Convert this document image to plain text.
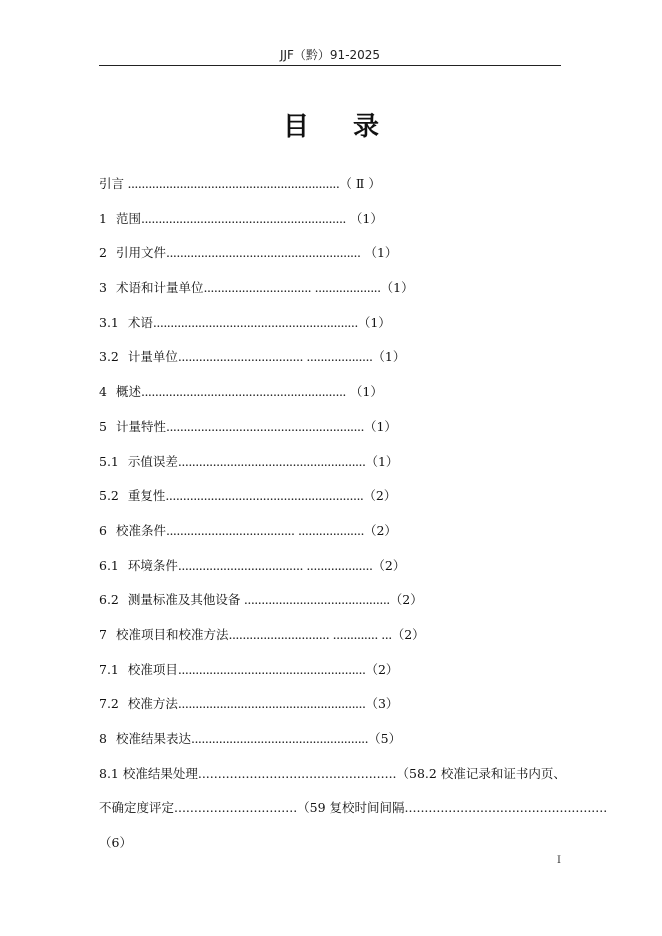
JJF（黔）91-2025
目录
引言 .............................................................（ Ⅱ ）
1 范围........................................................... （1）
2 引用文件........................................................ （1）
3 术语和计量单位............................... ...................（1）
3.1 术语...........................................................（1）
3.2 计量单位.................................... ...................（1）
4 概述........................................................... （1）
5 计量特性.........................................................（1）
5.1 示值误差......................................................（1）
5.2 重复性.........................................................（2）
6 校准条件..................................... ...................（2）
6.1 环境条件.................................... ...................（2）
6.2 测量标准及其他设备 ..........................................（2）
7 校准项目和校准方法............................. ............. ...（2）
7.1 校准项目......................................................（2）
7.2 校准方法......................................................（3）
8 校准结果表达...................................................（5）
8.1 校准结果处理..................................................（58.2 校准记录和证书内页、
不确定度评定...............................（59 复校时间间隔...................................................
（6）
I
